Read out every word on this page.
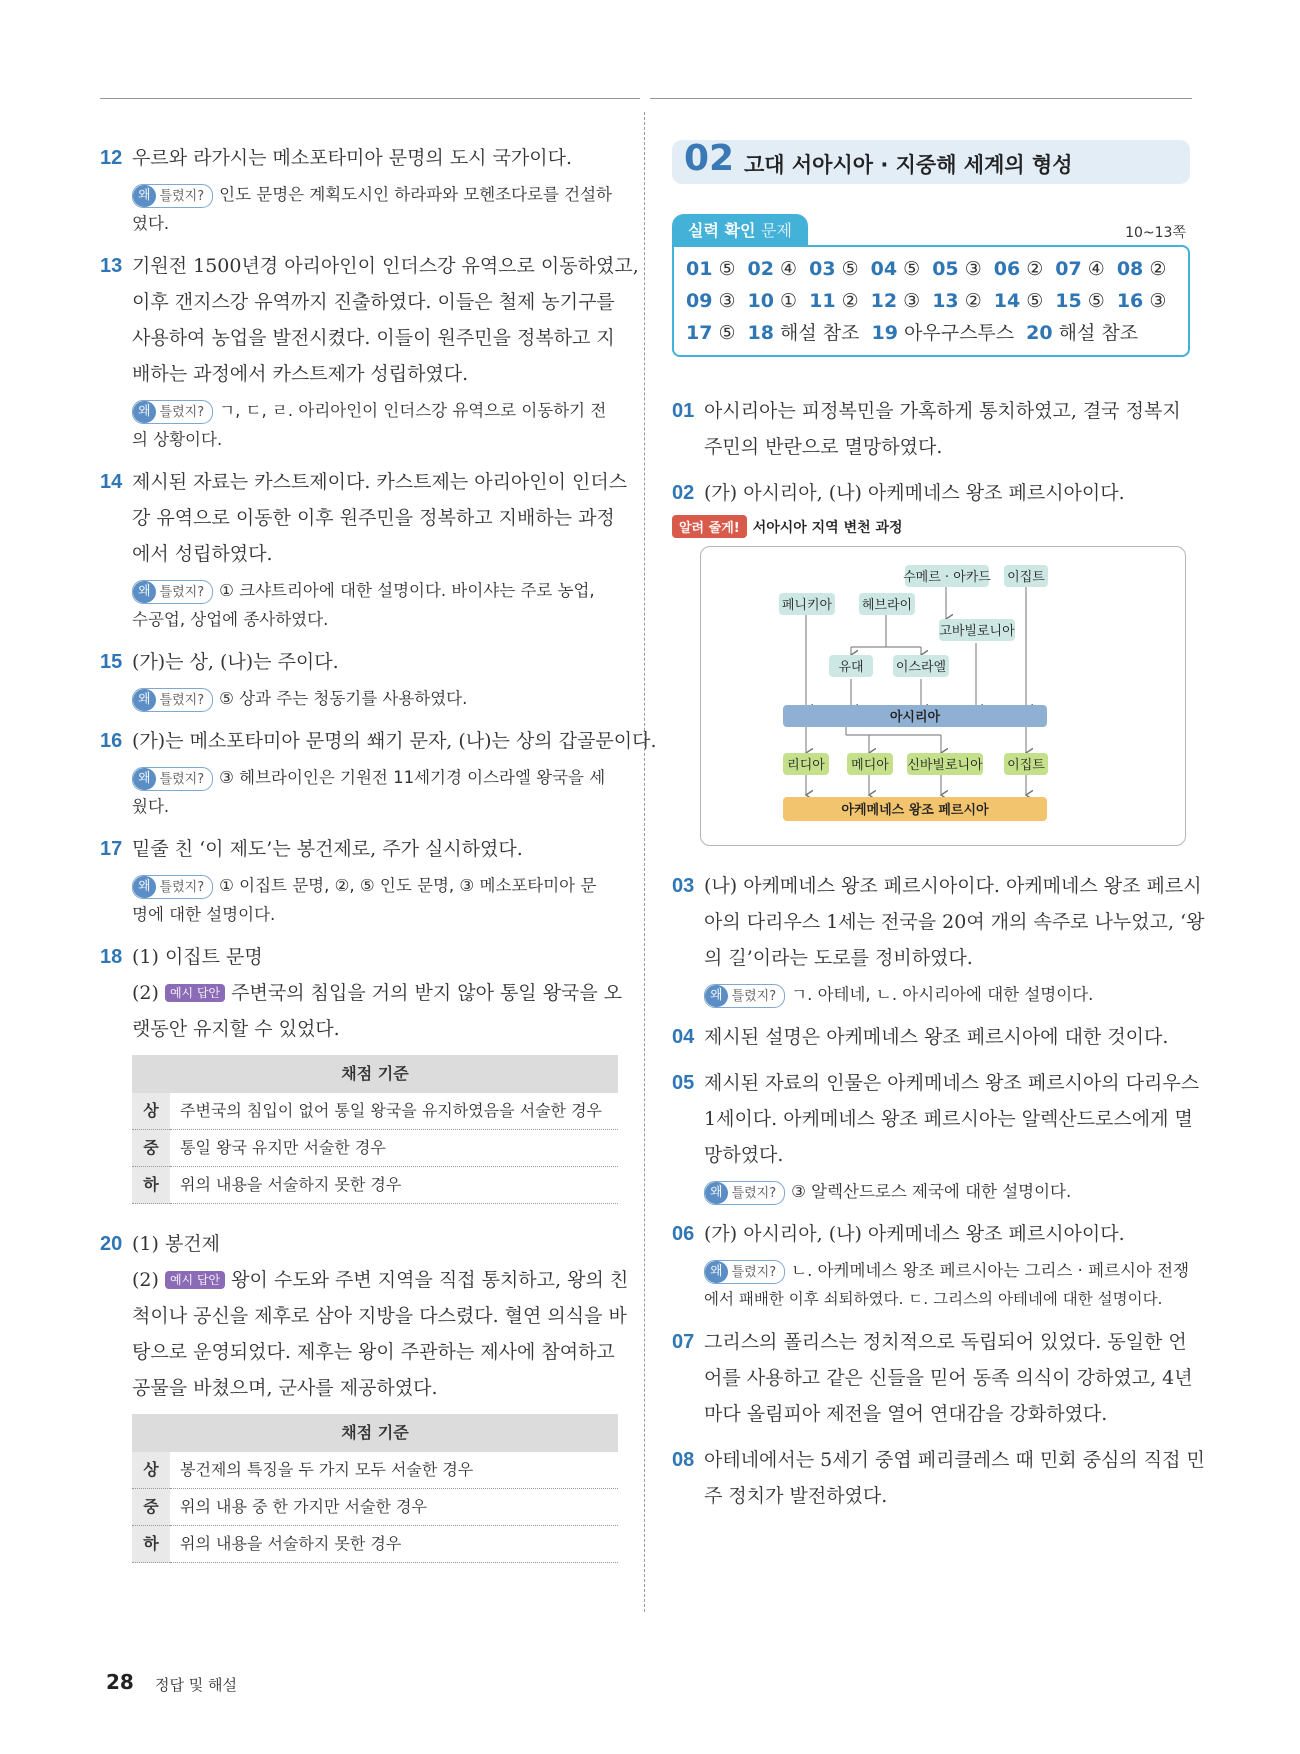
12 우르와 라가시는 메소포타미아 문명의 도시 국가이다.
왜 틀렸지? 인도 문명은 계획도시인 하라파와 모헨조다로를 건설하
였다.
13 기원전 1500년경 아리아인이 인더스강 유역으로 이동하였고,
이후 갠지스강 유역까지 진출하였다. 이들은 철제 농기구를
사용하여 농업을 발전시켰다. 이들이 원주민을 정복하고 지
배하는 과정에서 카스트제가 성립하였다.
왜 틀렸지? ㄱ, ㄷ, ㄹ. 아리아인이 인더스강 유역으로 이동하기 전
의 상황이다.
14 제시된 자료는 카스트제이다. 카스트제는 아리아인이 인더스
강 유역으로 이동한 이후 원주민을 정복하고 지배하는 과정
에서 성립하였다.
왜 틀렸지? ① 크샤트리아에 대한 설명이다. 바이샤는 주로 농업,
수공업, 상업에 종사하였다.
15 (가)는 상, (나)는 주이다.
왜 틀렸지? ⑤ 상과 주는 청동기를 사용하였다.
16 (가)는 메소포타미아 문명의 쐐기 문자, (나)는 상의 갑골문이다.
왜 틀렸지? ③ 헤브라이인은 기원전 11세기경 이스라엘 왕국을 세
웠다.
17 밑줄 친 ‘이 제도’는 봉건제로, 주가 실시하였다.
왜 틀렸지? ① 이집트 문명, ②, ⑤ 인도 문명, ③ 메소포타미아 문
명에 대한 설명이다.
18 (1) 이집트 문명
(2) 예시 답안 주변국의 침입을 거의 받지 않아 통일 왕국을 오
랫동안 유지할 수 있었다.
채점 기준	
상	주변국의 침입이 없어 통일 왕국을 유지하였음을 서술한 경우
중	통일 왕국 유지만 서술한 경우
하	위의 내용을 서술하지 못한 경우
20 (1) 봉건제
(2) 예시 답안 왕이 수도와 주변 지역을 직접 통치하고, 왕의 친
척이나 공신을 제후로 삼아 지방을 다스렸다. 혈연 의식을 바
탕으로 운영되었다. 제후는 왕이 주관하는 제사에 참여하고
공물을 바쳤으며, 군사를 제공하였다.
채점 기준	
상	봉건제의 특징을 두 가지 모두 서술한 경우
중	위의 내용 중 한 가지만 서술한 경우
하	위의 내용을 서술하지 못한 경우
02 고대 서아시아 · 지중해 세계의 형성
실력 확인 문제	10~13쪽
01 ⑤ 02 ④ 03 ⑤ 04 ⑤ 05 ③ 06 ② 07 ④ 08 ②
09 ③ 10 ① 11 ② 12 ③ 13 ② 14 ⑤ 15 ⑤ 16 ③
17 ⑤ 18 해설 참조 19 아우구스투스 20 해설 참조
01 아시리아는 피정복민을 가혹하게 통치하였고, 결국 정복지
주민의 반란으로 멸망하였다.
02 (가) 아시리아, (나) 아케메네스 왕조 페르시아이다.
알려 줄게! 서아시아 지역 변천 과정
수메르 · 아카드 이집트
페니키아 헤브라이
고바빌로니아
유대 이스라엘
아시리아
리디아 메디아 신바빌로니아 이집트
아케메네스 왕조 페르시아
03 (나) 아케메네스 왕조 페르시아이다. 아케메네스 왕조 페르시
아의 다리우스 1세는 전국을 20여 개의 속주로 나누었고, ‘왕
의 길’이라는 도로를 정비하였다.
왜 틀렸지? ㄱ. 아테네, ㄴ. 아시리아에 대한 설명이다.
04 제시된 설명은 아케메네스 왕조 페르시아에 대한 것이다.
05 제시된 자료의 인물은 아케메네스 왕조 페르시아의 다리우스
1세이다. 아케메네스 왕조 페르시아는 알렉산드로스에게 멸
망하였다.
왜 틀렸지? ③ 알렉산드로스 제국에 대한 설명이다.
06 (가) 아시리아, (나) 아케메네스 왕조 페르시아이다.
왜 틀렸지? ㄴ. 아케메네스 왕조 페르시아는 그리스 · 페르시아 전쟁
에서 패배한 이후 쇠퇴하였다. ㄷ. 그리스의 아테네에 대한 설명이다.
07 그리스의 폴리스는 정치적으로 독립되어 있었다. 동일한 언
어를 사용하고 같은 신들을 믿어 동족 의식이 강하였고, 4년
마다 올림피아 제전을 열어 연대감을 강화하였다.
08 아테네에서는 5세기 중엽 페리클레스 때 민회 중심의 직접 민
주 정치가 발전하였다.
28 정답 및 해설
